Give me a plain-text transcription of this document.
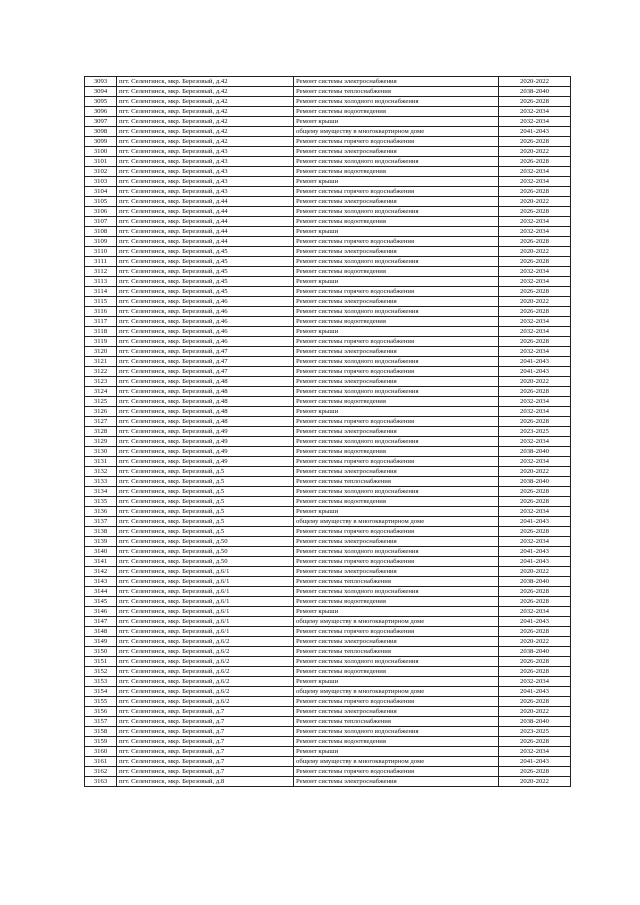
3093	пгт. Селенгинск, мкр. Березовый, д.42	Ремонт системы электроснабжения	2020-2022
3094	пгт. Селенгинск, мкр. Березовый, д.42	Ремонт системы теплоснабжения	2038-2040
3095	пгт. Селенгинск, мкр. Березовый, д.42	Ремонт системы холодного водоснабжения	2026-2028
3096	пгт. Селенгинск, мкр. Березовый, д.42	Ремонт системы водоотведения	2032-2034
3097	пгт. Селенгинск, мкр. Березовый, д.42	Ремонт крыши	2032-2034
3098	пгт. Селенгинск, мкр. Березовый, д.42	общему имуществу в многоквартирном доме	2041-2043
3099	пгт. Селенгинск, мкр. Березовый, д.42	Ремонт системы горячего водоснабжения	2026-2028
3100	пгт. Селенгинск, мкр. Березовый, д.43	Ремонт системы электроснабжения	2020-2022
3101	пгт. Селенгинск, мкр. Березовый, д.43	Ремонт системы холодного водоснабжения	2026-2028
3102	пгт. Селенгинск, мкр. Березовый, д.43	Ремонт системы водоотведения	2032-2034
3103	пгт. Селенгинск, мкр. Березовый, д.43	Ремонт крыши	2032-2034
3104	пгт. Селенгинск, мкр. Березовый, д.43	Ремонт системы горячего водоснабжения	2026-2028
3105	пгт. Селенгинск, мкр. Березовый, д.44	Ремонт системы электроснабжения	2020-2022
3106	пгт. Селенгинск, мкр. Березовый, д.44	Ремонт системы холодного водоснабжения	2026-2028
3107	пгт. Селенгинск, мкр. Березовый, д.44	Ремонт системы водоотведения	2032-2034
3108	пгт. Селенгинск, мкр. Березовый, д.44	Ремонт крыши	2032-2034
3109	пгт. Селенгинск, мкр. Березовый, д.44	Ремонт системы горячего водоснабжения	2026-2028
3110	пгт. Селенгинск, мкр. Березовый, д.45	Ремонт системы электроснабжения	2020-2022
3111	пгт. Селенгинск, мкр. Березовый, д.45	Ремонт системы холодного водоснабжения	2026-2028
3112	пгт. Селенгинск, мкр. Березовый, д.45	Ремонт системы водоотведения	2032-2034
3113	пгт. Селенгинск, мкр. Березовый, д.45	Ремонт крыши	2032-2034
3114	пгт. Селенгинск, мкр. Березовый, д.45	Ремонт системы горячего водоснабжения	2026-2028
3115	пгт. Селенгинск, мкр. Березовый, д.46	Ремонт системы электроснабжения	2020-2022
3116	пгт. Селенгинск, мкр. Березовый, д.46	Ремонт системы холодного водоснабжения	2026-2028
3117	пгт. Селенгинск, мкр. Березовый, д.46	Ремонт системы водоотведения	2032-2034
3118	пгт. Селенгинск, мкр. Березовый, д.46	Ремонт крыши	2032-2034
3119	пгт. Селенгинск, мкр. Березовый, д.46	Ремонт системы горячего водоснабжения	2026-2028
3120	пгт. Селенгинск, мкр. Березовый, д.47	Ремонт системы электроснабжения	2032-2034
3121	пгт. Селенгинск, мкр. Березовый, д.47	Ремонт системы холодного водоснабжения	2041-2043
3122	пгт. Селенгинск, мкр. Березовый, д.47	Ремонт системы горячего водоснабжения	2041-2043
3123	пгт. Селенгинск, мкр. Березовый, д.48	Ремонт системы электроснабжения	2020-2022
3124	пгт. Селенгинск, мкр. Березовый, д.48	Ремонт системы холодного водоснабжения	2026-2028
3125	пгт. Селенгинск, мкр. Березовый, д.48	Ремонт системы водоотведения	2032-2034
3126	пгт. Селенгинск, мкр. Березовый, д.48	Ремонт крыши	2032-2034
3127	пгт. Селенгинск, мкр. Березовый, д.48	Ремонт системы горячего водоснабжения	2026-2028
3128	пгт. Селенгинск, мкр. Березовый, д.49	Ремонт системы электроснабжения	2023-2025
3129	пгт. Селенгинск, мкр. Березовый, д.49	Ремонт системы холодного водоснабжения	2032-2034
3130	пгт. Селенгинск, мкр. Березовый, д.49	Ремонт системы водоотведения	2038-2040
3131	пгт. Селенгинск, мкр. Березовый, д.49	Ремонт системы горячего водоснабжения	2032-2034
3132	пгт. Селенгинск, мкр. Березовый, д.5	Ремонт системы электроснабжения	2020-2022
3133	пгт. Селенгинск, мкр. Березовый, д.5	Ремонт системы теплоснабжения	2038-2040
3134	пгт. Селенгинск, мкр. Березовый, д.5	Ремонт системы холодного водоснабжения	2026-2028
3135	пгт. Селенгинск, мкр. Березовый, д.5	Ремонт системы водоотведения	2026-2028
3136	пгт. Селенгинск, мкр. Березовый, д.5	Ремонт крыши	2032-2034
3137	пгт. Селенгинск, мкр. Березовый, д.5	общему имуществу в многоквартирном доме	2041-2043
3138	пгт. Селенгинск, мкр. Березовый, д.5	Ремонт системы горячего водоснабжения	2026-2028
3139	пгт. Селенгинск, мкр. Березовый, д.50	Ремонт системы электроснабжения	2032-2034
3140	пгт. Селенгинск, мкр. Березовый, д.50	Ремонт системы холодного водоснабжения	2041-2043
3141	пгт. Селенгинск, мкр. Березовый, д.50	Ремонт системы горячего водоснабжения	2041-2043
3142	пгт. Селенгинск, мкр. Березовый, д.6/1	Ремонт системы электроснабжения	2020-2022
3143	пгт. Селенгинск, мкр. Березовый, д.6/1	Ремонт системы теплоснабжения	2038-2040
3144	пгт. Селенгинск, мкр. Березовый, д.6/1	Ремонт системы холодного водоснабжения	2026-2028
3145	пгт. Селенгинск, мкр. Березовый, д.6/1	Ремонт системы водоотведения	2026-2028
3146	пгт. Селенгинск, мкр. Березовый, д.6/1	Ремонт крыши	2032-2034
3147	пгт. Селенгинск, мкр. Березовый, д.6/1	общему имуществу в многоквартирном доме	2041-2043
3148	пгт. Селенгинск, мкр. Березовый, д.6/1	Ремонт системы горячего водоснабжения	2026-2028
3149	пгт. Селенгинск, мкр. Березовый, д.6/2	Ремонт системы электроснабжения	2020-2022
3150	пгт. Селенгинск, мкр. Березовый, д.6/2	Ремонт системы теплоснабжения	2038-2040
3151	пгт. Селенгинск, мкр. Березовый, д.6/2	Ремонт системы холодного водоснабжения	2026-2028
3152	пгт. Селенгинск, мкр. Березовый, д.6/2	Ремонт системы водоотведения	2026-2028
3153	пгт. Селенгинск, мкр. Березовый, д.6/2	Ремонт крыши	2032-2034
3154	пгт. Селенгинск, мкр. Березовый, д.6/2	общему имуществу в многоквартирном доме	2041-2043
3155	пгт. Селенгинск, мкр. Березовый, д.6/2	Ремонт системы горячего водоснабжения	2026-2028
3156	пгт. Селенгинск, мкр. Березовый, д.7	Ремонт системы электроснабжения	2020-2022
3157	пгт. Селенгинск, мкр. Березовый, д.7	Ремонт системы теплоснабжения	2038-2040
3158	пгт. Селенгинск, мкр. Березовый, д.7	Ремонт системы холодного водоснабжения	2023-2025
3159	пгт. Селенгинск, мкр. Березовый, д.7	Ремонт системы водоотведения	2026-2028
3160	пгт. Селенгинск, мкр. Березовый, д.7	Ремонт крыши	2032-2034
3161	пгт. Селенгинск, мкр. Березовый, д.7	общему имуществу в многоквартирном доме	2041-2043
3162	пгт. Селенгинск, мкр. Березовый, д.7	Ремонт системы горячего водоснабжения	2026-2028
3163	пгт. Селенгинск, мкр. Березовый, д.8	Ремонт системы электроснабжения	2020-2022
